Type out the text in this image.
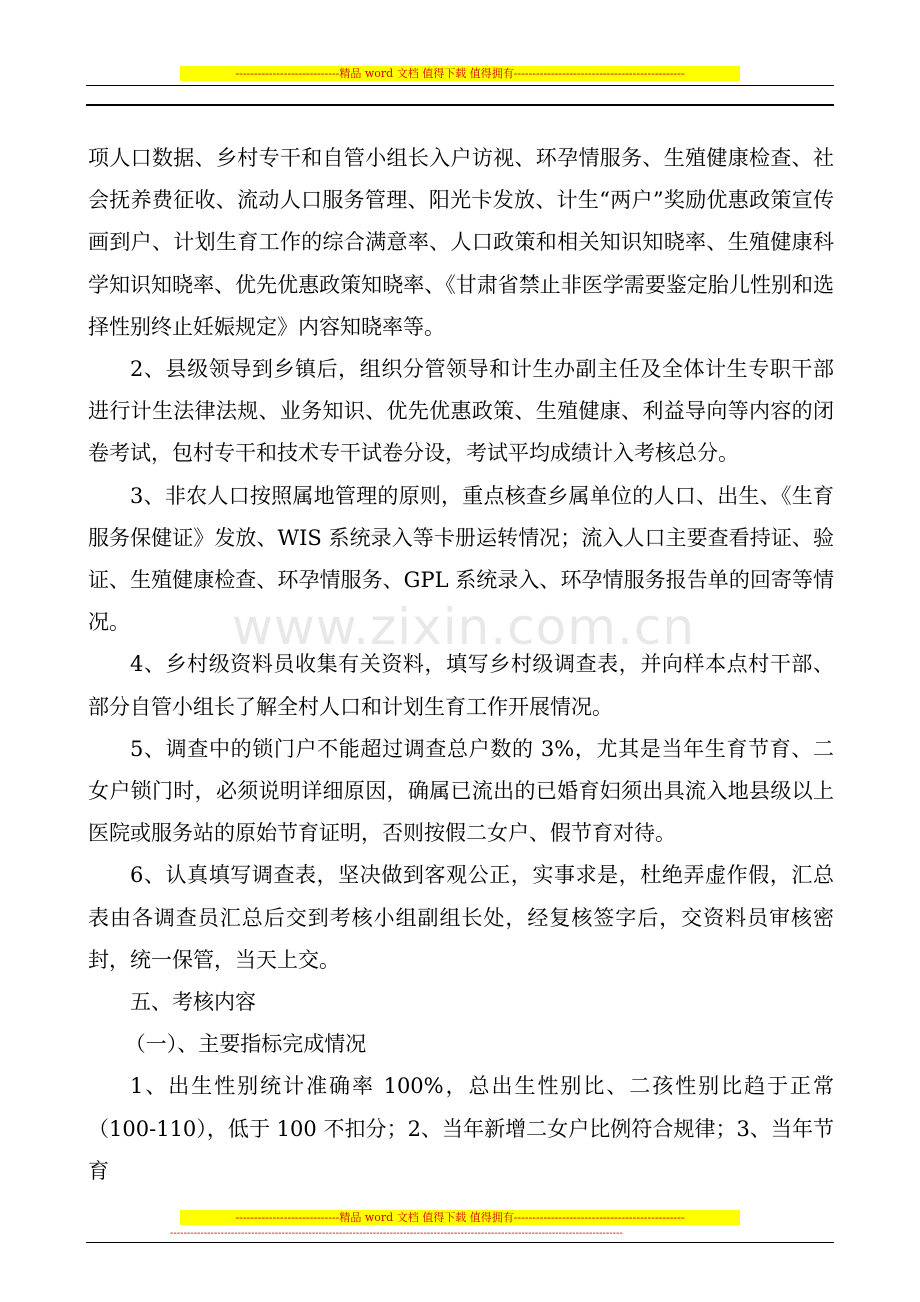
----------------------------精品 word 文档 值得下载 值得拥有----------------------------------------------
www.zixin.com.cn

项人口数据、乡村专干和自管小组长入户访视、环孕情服务、生殖健康检查、社会抚养费征收、流动人口服务管理、阳光卡发放、计生“两户”奖励优惠政策宣传画到户、计划生育工作的综合满意率、人口政策和相关知识知晓率、生殖健康科学知识知晓率、优先优惠政策知晓率、《甘肃省禁止非医学需要鉴定胎儿性别和选择性别终止妊娠规定》内容知晓率等。

2、县级领导到乡镇后，组织分管领导和计生办副主任及全体计生专职干部进行计生法律法规、业务知识、优先优惠政策、生殖健康、利益导向等内容的闭卷考试，包村专干和技术专干试卷分设，考试平均成绩计入考核总分。

3、非农人口按照属地管理的原则，重点核查乡属单位的人口、出生、《生育服务保健证》发放、WIS 系统录入等卡册运转情况；流入人口主要查看持证、验证、生殖健康检查、环孕情服务、GPL 系统录入、环孕情服务报告单的回寄等情况。

4、乡村级资料员收集有关资料，填写乡村级调查表，并向样本点村干部、部分自管小组长了解全村人口和计划生育工作开展情况。

5、调查中的锁门户不能超过调查总户数的 3%，尤其是当年生育节育、二女户锁门时，必须说明详细原因，确属已流出的已婚育妇须出具流入地县级以上医院或服务站的原始节育证明，否则按假二女户、假节育对待。

6、认真填写调查表，坚决做到客观公正，实事求是，杜绝弄虚作假，汇总表由各调查员汇总后交到考核小组副组长处，经复核签字后，交资料员审核密封，统一保管，当天上交。

五、考核内容

（一）、主要指标完成情况

1、出生性别统计准确率 100%，总出生性别比、二孩性别比趋于正常（100-110），低于 100 不扣分；2、当年新增二女户比例符合规律；3、当年节育

----------------------------精品 word 文档 值得下载 值得拥有----------------------------------------------
--------------------------------------------------------------------------------------------------------------------------------------
